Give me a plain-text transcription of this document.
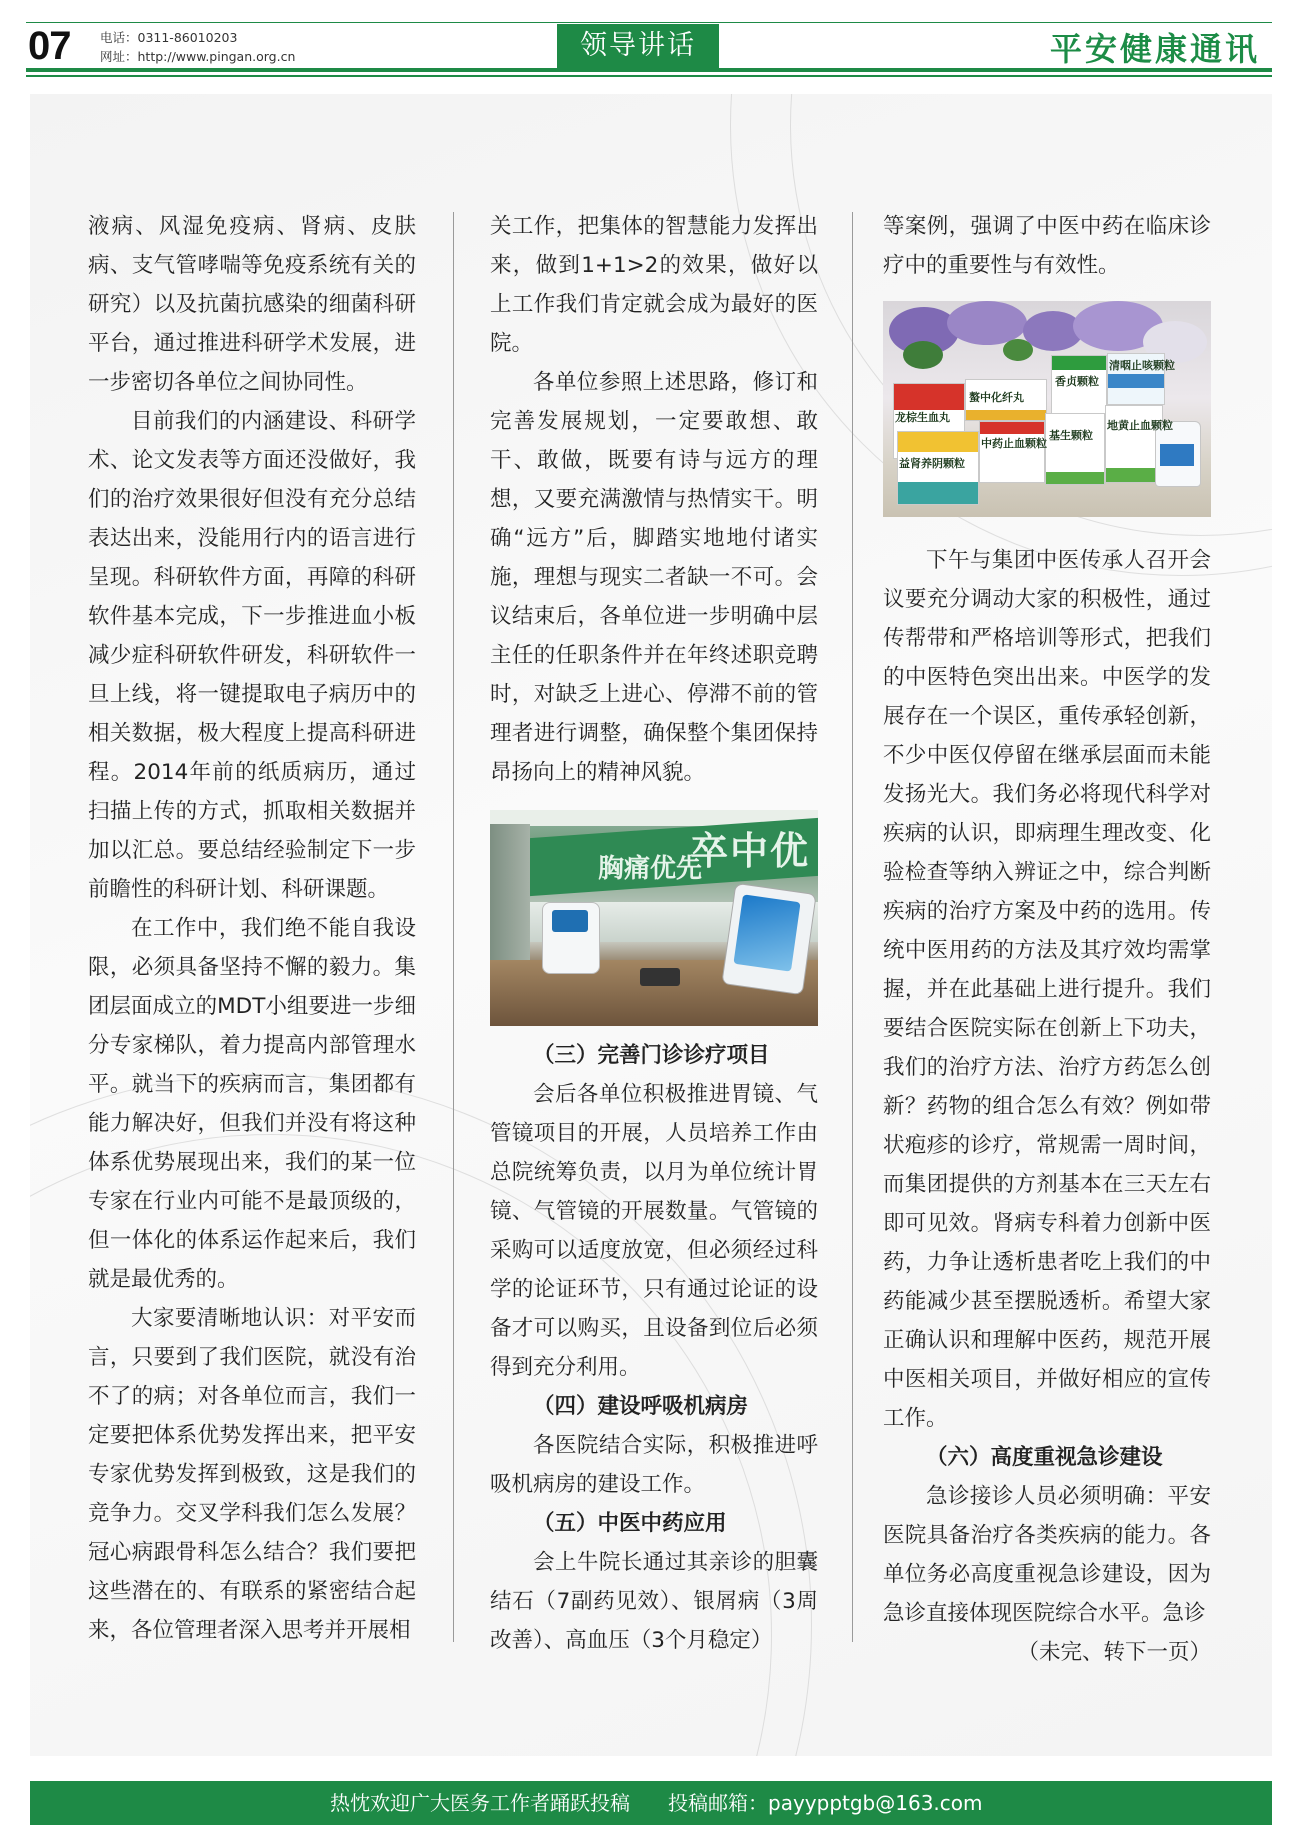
07 电话：0311-86010203
网址：http://www.pingan.org.cn	领导讲话	平安健康通讯

液病、风湿免疫病、肾病、皮肤病、支气管哮喘等免疫系统有关的研究）以及抗菌抗感染的细菌科研平台，通过推进科研学术发展，进一步密切各单位之间协同性。

目前我们的内涵建设、科研学术、论文发表等方面还没做好，我们的治疗效果很好但没有充分总结表达出来，没能用行内的语言进行呈现。科研软件方面，再障的科研软件基本完成，下一步推进血小板减少症科研软件研发，科研软件一旦上线，将一键提取电子病历中的相关数据，极大程度上提高科研进程。2014年前的纸质病历，通过扫描上传的方式，抓取相关数据并加以汇总。要总结经验制定下一步前瞻性的科研计划、科研课题。

在工作中，我们绝不能自我设限，必须具备坚持不懈的毅力。集团层面成立的MDT小组要进一步细分专家梯队，着力提高内部管理水平。就当下的疾病而言，集团都有能力解决好，但我们并没有将这种体系优势展现出来，我们的某一位专家在行业内可能不是最顶级的，但一体化的体系运作起来后，我们就是最优秀的。

大家要清晰地认识：对平安而言，只要到了我们医院，就没有治不了的病；对各单位而言，我们一定要把体系优势发挥出来，把平安专家优势发挥到极致，这是我们的竞争力。交叉学科我们怎么发展？冠心病跟骨科怎么结合？我们要把这些潜在的、有联系的紧密结合起来，各位管理者深入思考并开展相

关工作，把集体的智慧能力发挥出来，做到1+1>2的效果，做好以上工作我们肯定就会成为最好的医院。

各单位参照上述思路，修订和完善发展规划，一定要敢想、敢干、敢做，既要有诗与远方的理想，又要充满激情与热情实干。明确“远方”后，脚踏实地地付诸实施，理想与现实二者缺一不可。会议结束后，各单位进一步明确中层主任的任职条件并在年终述职竞聘时，对缺乏上进心、停滞不前的管理者进行调整，确保整个集团保持昂扬向上的精神风貌。

卒中优
胸痛优先

（三）完善门诊诊疗项目

会后各单位积极推进胃镜、气管镜项目的开展，人员培养工作由总院统筹负责，以月为单位统计胃镜、气管镜的开展数量。气管镜的采购可以适度放宽，但必须经过科学的论证环节，只有通过论证的设备才可以购买，且设备到位后必须得到充分利用。

（四）建设呼吸机病房

各医院结合实际，积极推进呼吸机病房的建设工作。

（五）中医中药应用

会上牛院长通过其亲诊的胆囊结石（7副药见效）、银屑病（3周改善）、高血压（3个月稳定）

等案例，强调了中医中药在临床诊疗中的重要性与有效性。

龙棕生血丸
螯中化纤丸
香贞颗粒
清咽止咳颗粒
益肾养阴颗粒
中药止血颗粒
基生颗粒
地黄止血颗粒

下午与集团中医传承人召开会议要充分调动大家的积极性，通过传帮带和严格培训等形式，把我们的中医特色突出出来。中医学的发展存在一个误区，重传承轻创新，不少中医仅停留在继承层面而未能发扬光大。我们务必将现代科学对疾病的认识，即病理生理改变、化验检查等纳入辨证之中，综合判断疾病的治疗方案及中药的选用。传统中医用药的方法及其疗效均需掌握，并在此基础上进行提升。我们要结合医院实际在创新上下功夫，我们的治疗方法、治疗方药怎么创新？药物的组合怎么有效？例如带状疱疹的诊疗，常规需一周时间，而集团提供的方剂基本在三天左右即可见效。肾病专科着力创新中医药，力争让透析患者吃上我们的中药能减少甚至摆脱透析。希望大家正确认识和理解中医药，规范开展中医相关项目，并做好相应的宣传工作。

（六）高度重视急诊建设

急诊接诊人员必须明确：平安医院具备治疗各类疾病的能力。各单位务必高度重视急诊建设，因为急诊直接体现医院综合水平。急诊

（未完、转下一页）

热忱欢迎广大医务工作者踊跃投稿 投稿邮箱：payypptgb@163.com
